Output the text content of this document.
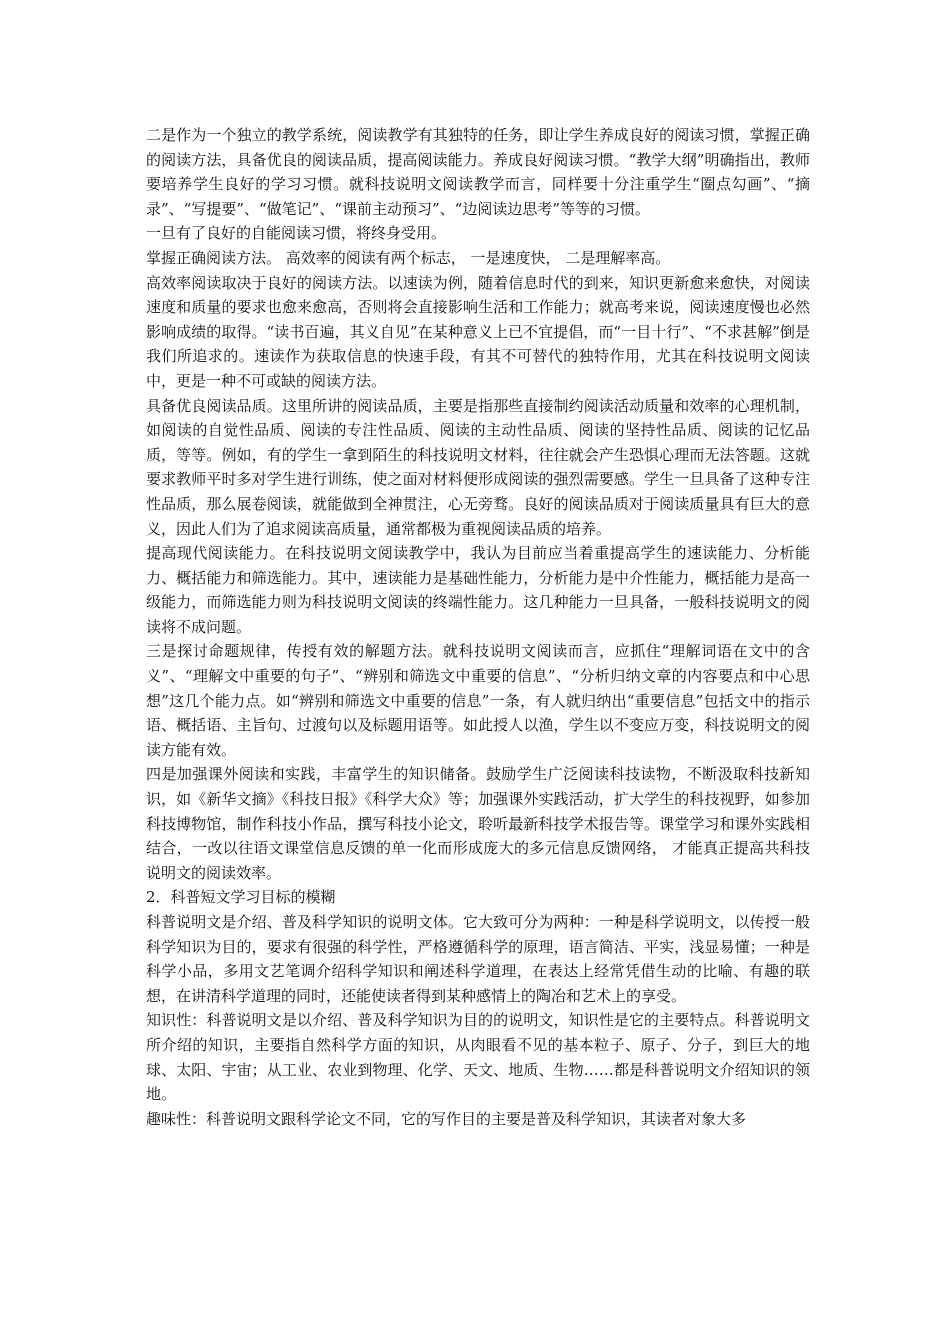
二是作为一个独立的教学系统，阅读教学有其独特的任务，即让学生养成良好的阅读习惯，掌握正确的阅读方法，具备优良的阅读品质，提高阅读能力。养成良好阅读习惯。“教学大纲”明确指出，教师要培养学生良好的学习习惯。就科技说明文阅读教学而言，同样要十分注重学生“圈点勾画”、“摘录”、“写提要”、“做笔记”、“课前主动预习”、“边阅读边思考”等等的习惯。

一旦有了良好的自能阅读习惯，将终身受用。

掌握正确阅读方法。 高效率的阅读有两个标志， 一是速度快， 二是理解率高。

高效率阅读取决于良好的阅读方法。以速读为例，随着信息时代的到来，知识更新愈来愈快，对阅读速度和质量的要求也愈来愈高，否则将会直接影响生活和工作能力；就高考来说，阅读速度慢也必然影响成绩的取得。“读书百遍，其义自见”在某种意义上已不宜提倡，而“一目十行”、“不求甚解”倒是我们所追求的。速读作为获取信息的快速手段，有其不可替代的独特作用，尤其在科技说明文阅读中，更是一种不可或缺的阅读方法。

具备优良阅读品质。这里所讲的阅读品质，主要是指那些直接制约阅读活动质量和效率的心理机制，如阅读的自觉性品质、阅读的专注性品质、阅读的主动性品质、阅读的坚持性品质、阅读的记忆品质，等等。例如，有的学生一拿到陌生的科技说明文材料，往往就会产生恐惧心理而无法答题。这就要求教师平时多对学生进行训练，使之面对材料便形成阅读的强烈需要感。学生一旦具备了这种专注性品质，那么展卷阅读，就能做到全神贯注，心无旁骛。良好的阅读品质对于阅读质量具有巨大的意义，因此人们为了追求阅读高质量，通常都极为重视阅读品质的培养。

提高现代阅读能力。在科技说明文阅读教学中，我认为目前应当着重提高学生的速读能力、分析能力、概括能力和筛选能力。其中，速读能力是基础性能力，分析能力是中介性能力，概括能力是高一级能力，而筛选能力则为科技说明文阅读的终端性能力。这几种能力一旦具备，一般科技说明文的阅读将不成问题。

三是探讨命题规律，传授有效的解题方法。就科技说明文阅读而言，应抓住“理解词语在文中的含义”、“理解文中重要的句子”、“辨别和筛选文中重要的信息”、“分析归纳文章的内容要点和中心思想”这几个能力点。如“辨别和筛选文中重要的信息”一条，有人就归纳出“重要信息”包括文中的指示语、概括语、主旨句、过渡句以及标题用语等。如此授人以渔，学生以不变应万变，科技说明文的阅读方能有效。

四是加强课外阅读和实践，丰富学生的知识储备。鼓励学生广泛阅读科技读物，不断汲取科技新知识，如《新华文摘》《科技日报》《科学大众》等；加强课外实践活动，扩大学生的科技视野，如参加科技博物馆，制作科技小作品，撰写科技小论文，聆听最新科技学术报告等。课堂学习和课外实践相结合，一改以往语文课堂信息反馈的单一化而形成庞大的多元信息反馈网络， 才能真正提高共科技说明文的阅读效率。

2．科普短文学习目标的模糊

科普说明文是介绍、普及科学知识的说明文体。它大致可分为两种：一种是科学说明文，以传授一般科学知识为目的，要求有很强的科学性，严格遵循科学的原理，语言简洁、平实，浅显易懂；一种是科学小品，多用文艺笔调介绍科学知识和阐述科学道理，在表达上经常凭借生动的比喻、有趣的联想，在讲清科学道理的同时，还能使读者得到某种感情上的陶冶和艺术上的享受。

知识性：科普说明文是以介绍、普及科学知识为目的的说明文，知识性是它的主要特点。科普说明文所介绍的知识，主要指自然科学方面的知识，从肉眼看不见的基本粒子、原子、分子，到巨大的地球、太阳、宇宙；从工业、农业到物理、化学、天文、地质、生物……都是科普说明文介绍知识的领地。

趣味性：科普说明文跟科学论文不同，它的写作目的主要是普及科学知识，其读者对象大多
